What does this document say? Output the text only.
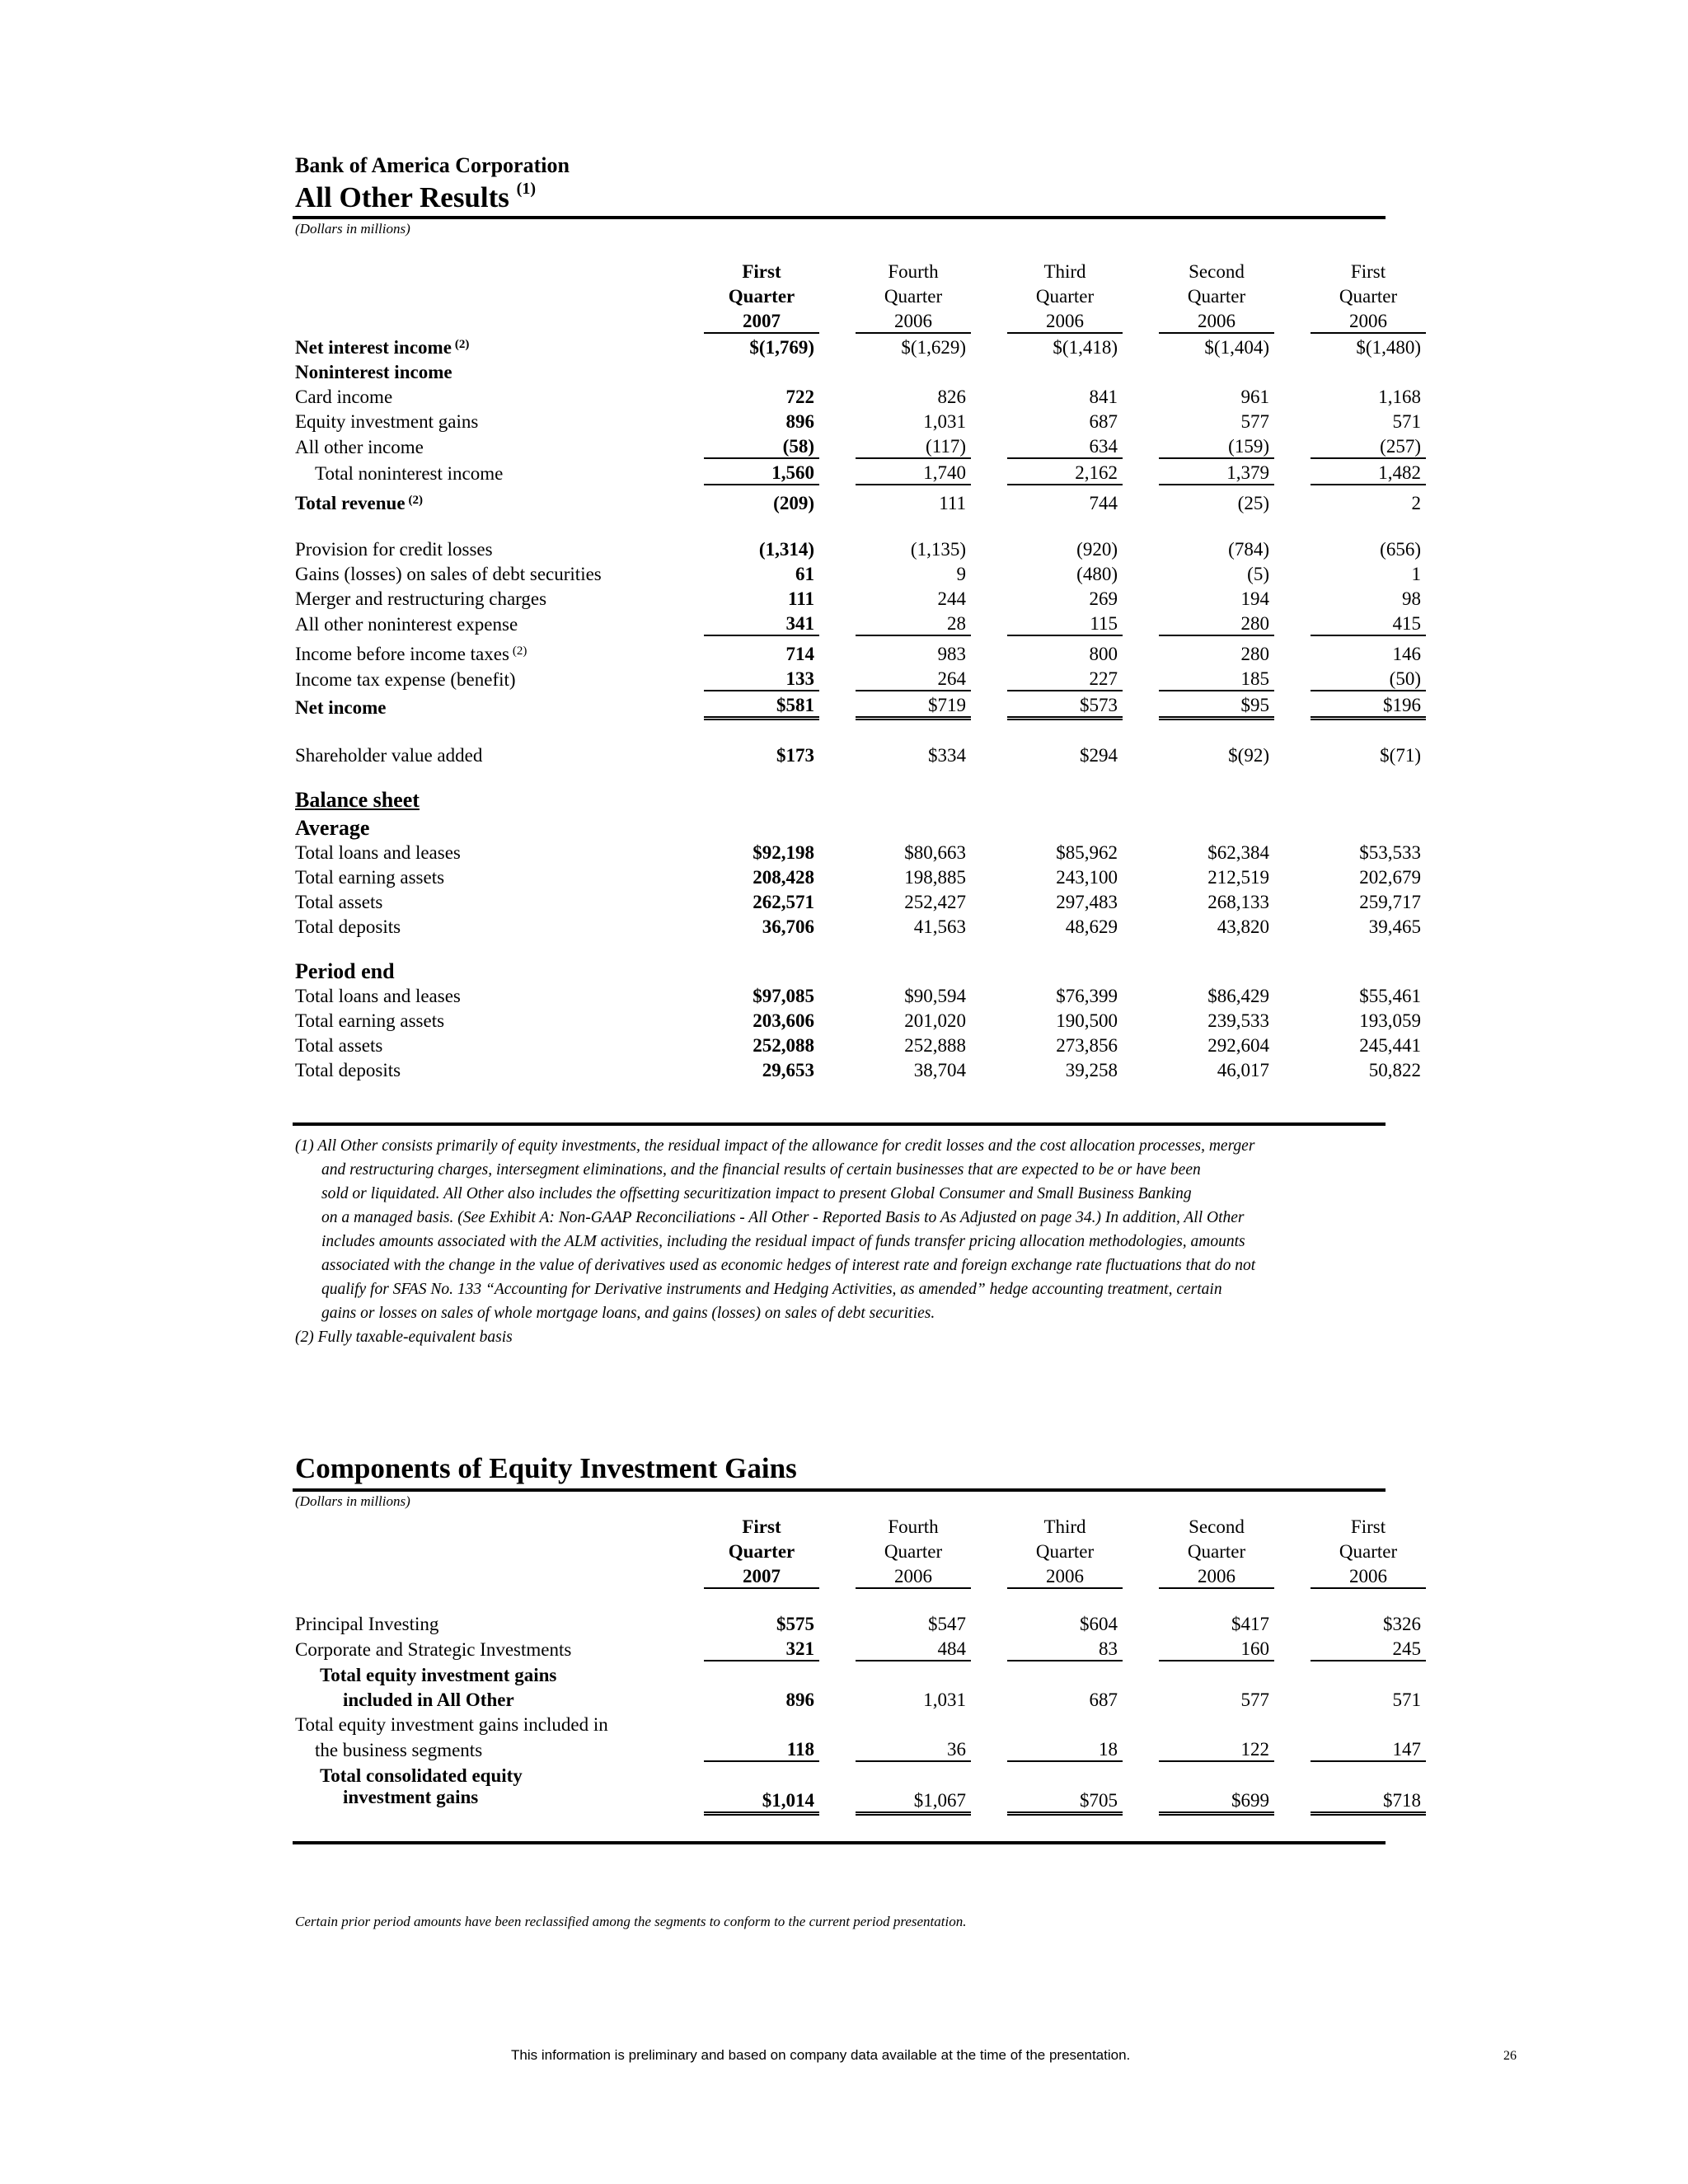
Bank of America Corporation
All Other Results $^{(1)}$
(Dollars in millions)
		First		Fourth		Third		Second		First
		Quarter		Quarter		Quarter		Quarter		Quarter
		2007		2006		2006		2006		2006
Net interest income $^{(2)}$		$(1,769)		$(1,629)		$(1,418)		$(1,404)		$(1,480)
Noninterest income										
Card income		722		826		841		961		1,168
Equity investment gains		896		1,031		687		577		571
All other income		(58)		(117)		634		(159)		(257)
Total noninterest income		1,560		1,740		2,162		1,379		1,482
Total revenue $^{(2)}$		(209)		111		744		(25)		2

Provision for credit losses		(1,314)		(1,135)		(920)		(784)		(656)
Gains (losses) on sales of debt securities		61		9		(480)		(5)		1
Merger and restructuring charges		111		244		269		194		98
All other noninterest expense		341		28		115		280		415
Income before income taxes $^{(2)}$		714		983		800		280		146
Income tax expense (benefit)		133		264		227		185		(50)
Net income		$581		$719		$573		$95		$196

Shareholder value added		$173		$334		$294		$(92)		$(71)
Balance sheet										
Average										
Total loans and leases		$92,198		$80,663		$85,962		$62,384		$53,533
Total earning assets		208,428		198,885		243,100		212,519		202,679
Total assets		262,571		252,427		297,483		268,133		259,717
Total deposits		36,706		41,563		48,629		43,820		39,465
Period end										
Total loans and leases		$97,085		$90,594		$76,399		$86,429		$55,461
Total earning assets		203,606		201,020		190,500		239,533		193,059
Total assets		252,088		252,888		273,856		292,604		245,441
Total deposits		29,653		38,704		39,258		46,017		50,822

(1) All Other consists primarily of equity investments, the residual impact of the allowance for credit losses and the cost allocation processes, merger

and restructuring charges, intersegment eliminations, and the financial results of certain businesses that are expected to be or have been

sold or liquidated. All Other also includes the offsetting securitization impact to present Global Consumer and Small Business Banking

on a managed basis. (See Exhibit A: Non-GAAP Reconciliations - All Other - Reported Basis to As Adjusted on page 34.) In addition, All Other

includes amounts associated with the ALM activities, including the residual impact of funds transfer pricing allocation methodologies, amounts

associated with the change in the value of derivatives used as economic hedges of interest rate and foreign exchange rate fluctuations that do not

qualify for SFAS No. 133 “Accounting for Derivative instruments and Hedging Activities, as amended” hedge accounting treatment, certain

gains or losses on sales of whole mortgage loans, and gains (losses) on sales of debt securities.

(2) Fully taxable-equivalent basis

Components of Equity Investment Gains
(Dollars in millions)
		First		Fourth		Third		Second		First
		Quarter		Quarter		Quarter		Quarter		Quarter
		2007		2006		2006		2006		2006

Principal Investing		$575		$547		$604		$417		$326
Corporate and Strategic Investments		321		484		83		160		245
Total equity investment gains										
included in All Other		896		1,031		687		577		571
Total equity investment gains included in										
the business segments		118		36		18		122		147
Total consolidated equity										
investment gains		$1,014		$1,067		$705		$699		$718
Certain prior period amounts have been reclassified among the segments to conform to the current period presentation.
This information is preliminary and based on company data available at the time of the presentation.	26
